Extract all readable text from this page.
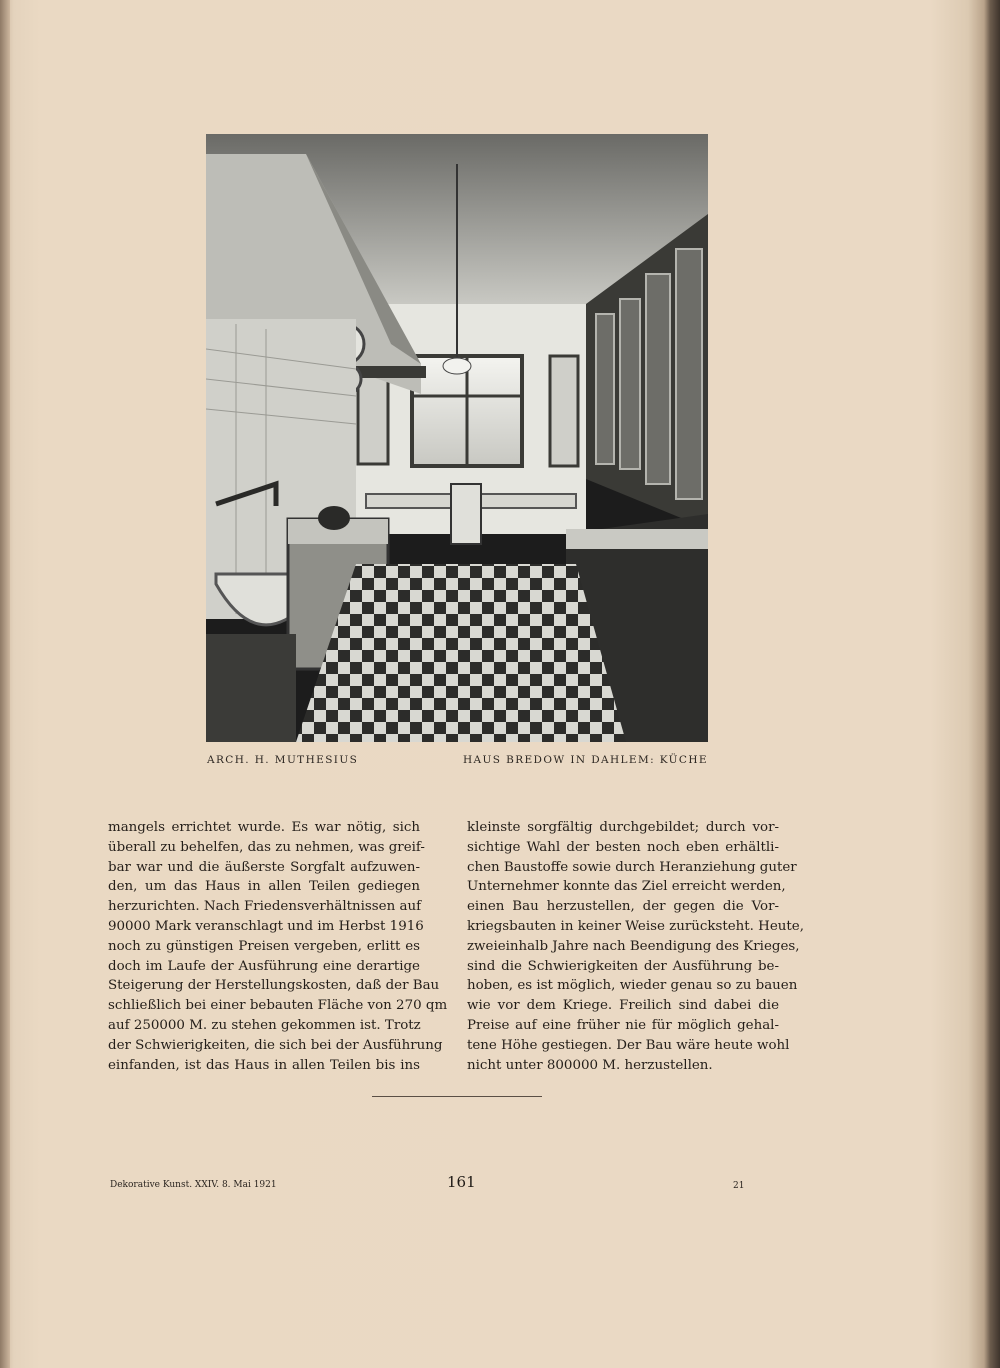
ARCH. H. MUTHESIUS	HAUS BREDOW IN DAHLEM: KÜCHE
mangels errichtet wurde. Es war nötig, sich
überall zu behelfen, das zu nehmen, was greif-
bar war und die äußerste Sorgfalt aufzuwen-
den, um das Haus in allen Teilen gediegen
herzurichten. Nach Friedensverhältnissen auf
90000 Mark veranschlagt und im Herbst 1916
noch zu günstigen Preisen vergeben, erlitt es
doch im Laufe der Ausführung eine derartige
Steigerung der Herstellungskosten, daß der Bau
schließlich bei einer bebauten Fläche von 270 qm
auf 250000 M. zu stehen gekommen ist. Trotz
der Schwierigkeiten, die sich bei der Ausführung
einfanden, ist das Haus in allen Teilen bis ins
kleinste sorgfältig durchgebildet; durch vor-
sichtige Wahl der besten noch eben erhältli-
chen Baustoffe sowie durch Heranziehung guter
Unternehmer konnte das Ziel erreicht werden,
einen Bau herzustellen, der gegen die Vor-
kriegsbauten in keiner Weise zurücksteht. Heute,
zweieinhalb Jahre nach Beendigung des Krieges,
sind die Schwierigkeiten der Ausführung be-
hoben, es ist möglich, wieder genau so zu bauen
wie vor dem Kriege. Freilich sind dabei die
Preise auf eine früher nie für möglich gehal-
tene Höhe gestiegen. Der Bau wäre heute wohl
nicht unter 800000 M. herzustellen.
Dekorative Kunst. XXIV. 8. Mai 1921	161	21
